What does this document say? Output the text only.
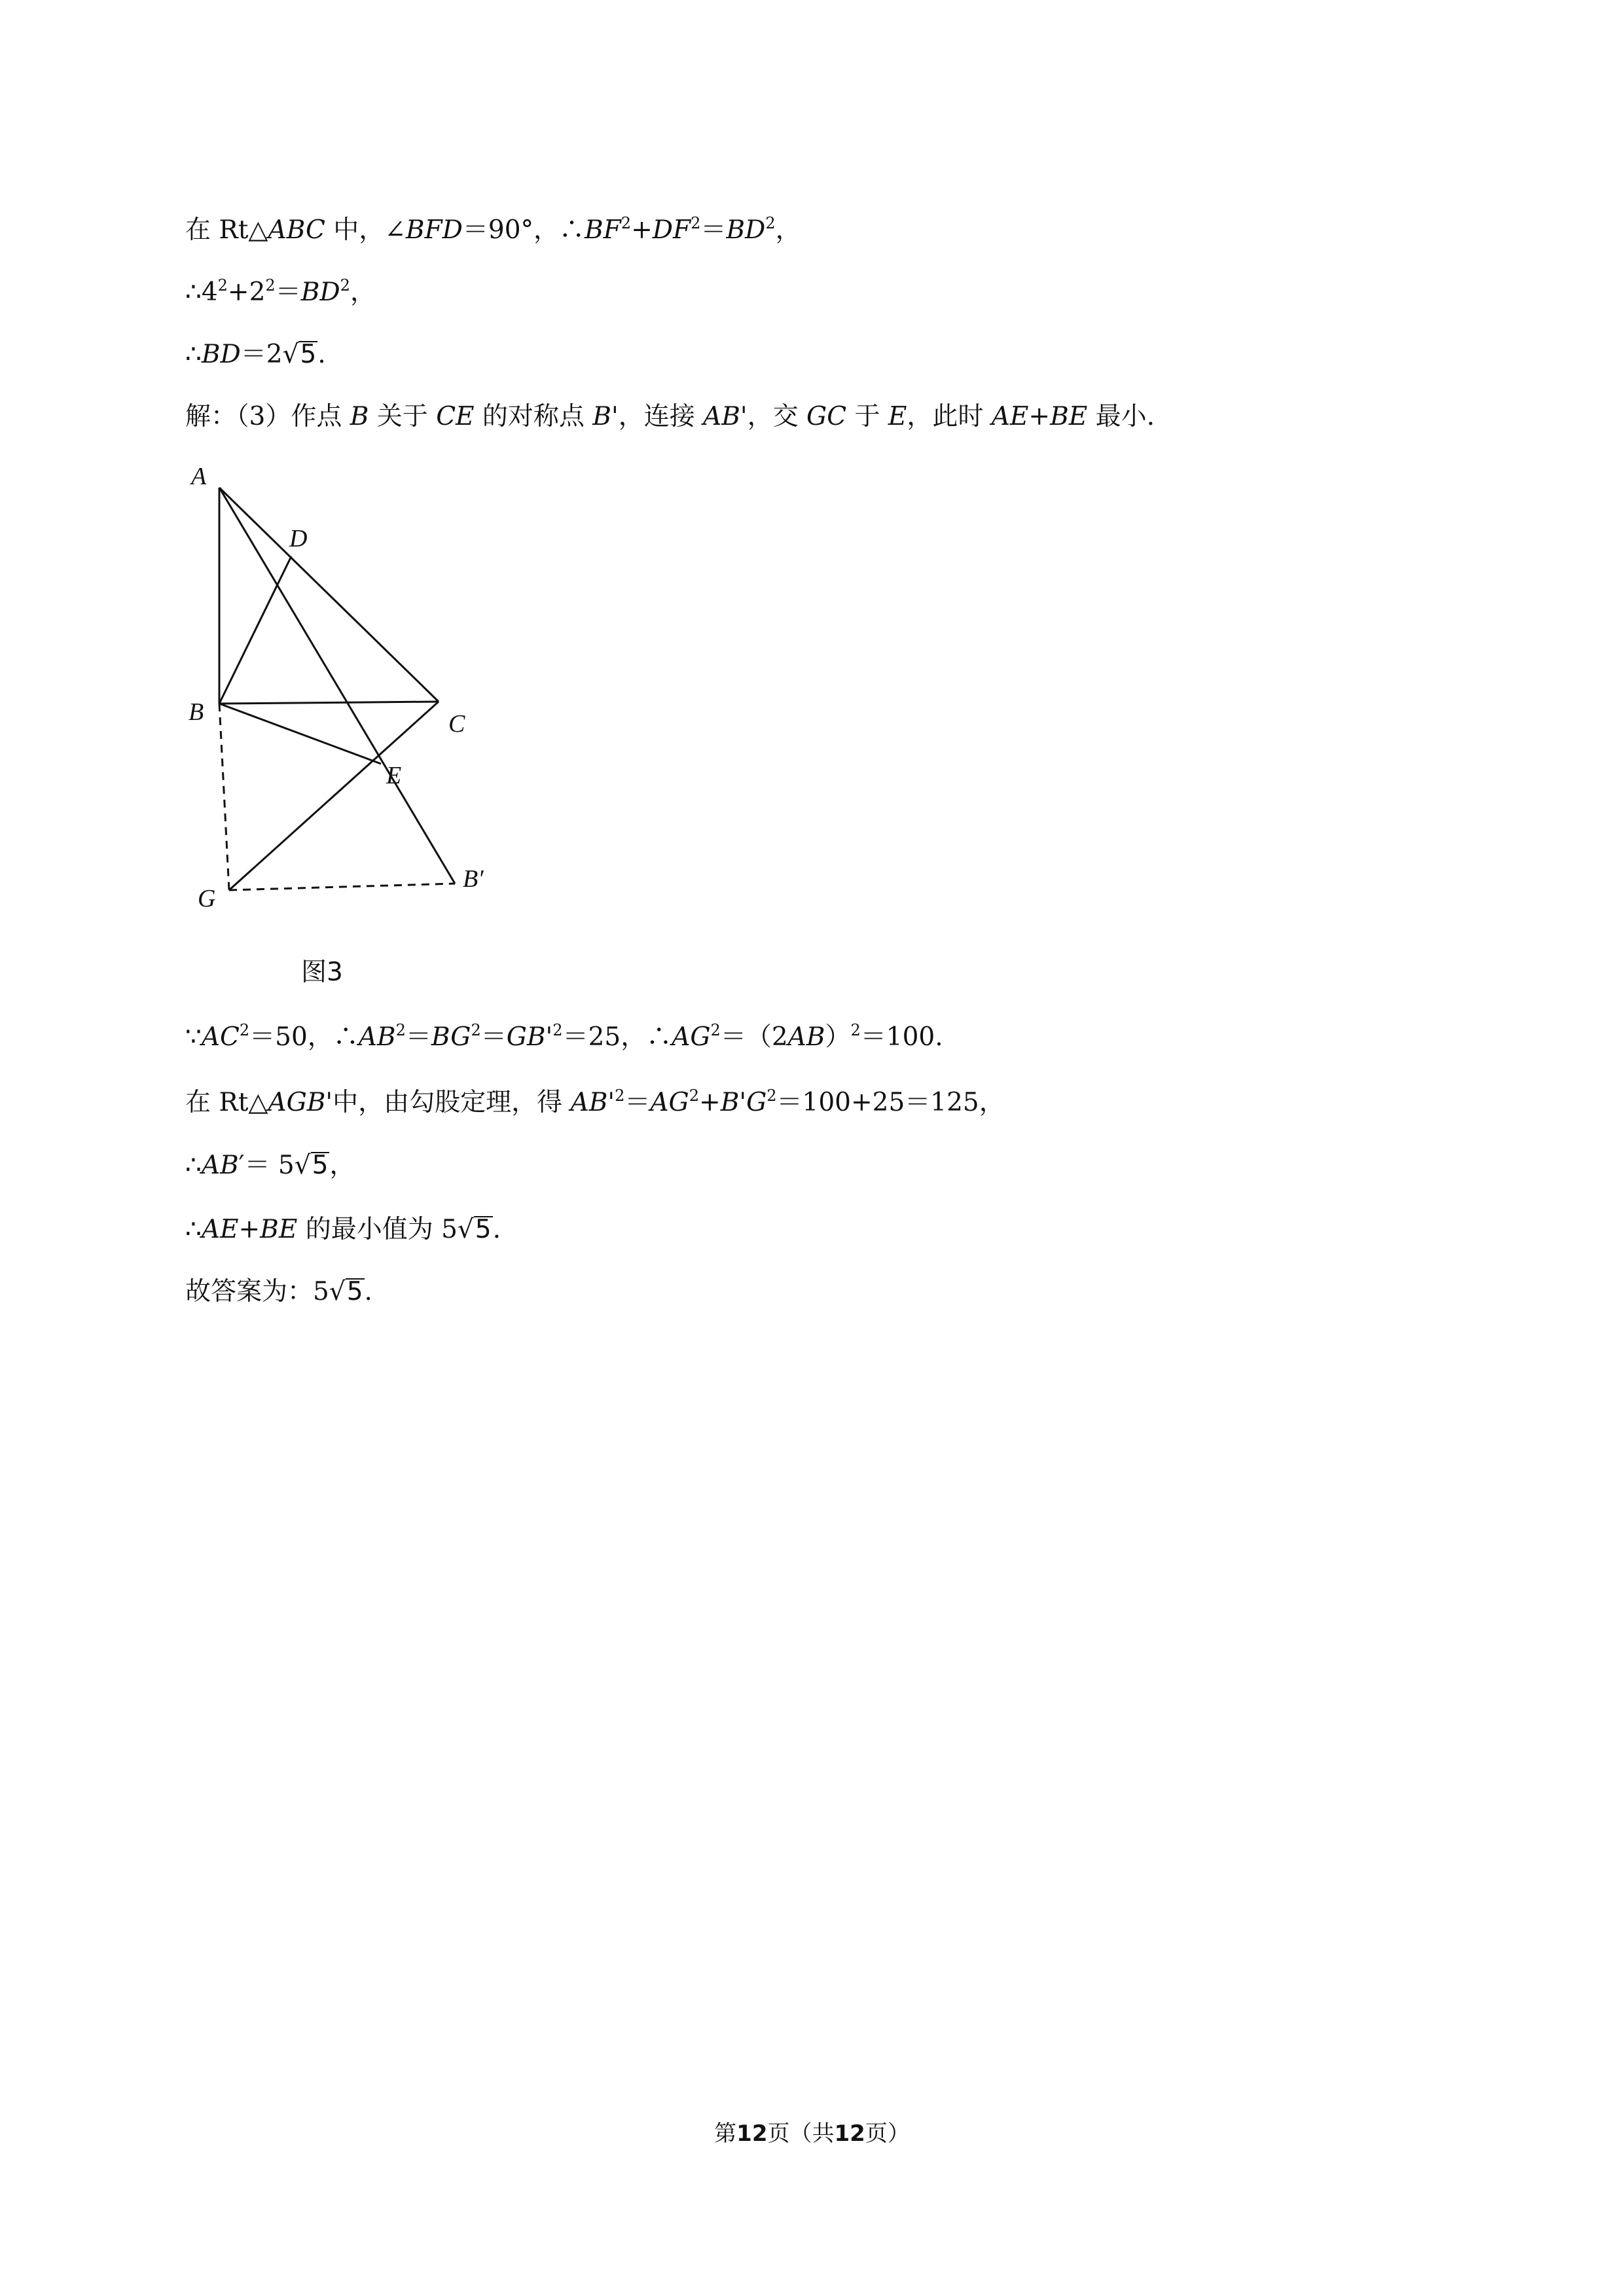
在 Rt△ABC 中，∠BFD＝90°，$\therefore BF^2+DF^2=BD^2$，
$\therefore 4^2+2^2=BD^2$，
∴BD＝2√5.
解：（3）作点 B 关于 CE 的对称点 B'，连接 AB'，交 GC 于 E，此时 AE+BE 最小.
A
D
B	C
E
G
B′
图3
$\because AC^2=50$，$\therefore AB^2=BG^2=GB'^2=25$，$\therefore AG^2=(2AB)^2=100$.
在 Rt△AGB'中，由勾股定理，得 $AB'^2=AG^2+B'G^2=100+25=125$，
∴AB′＝ 5√5，
∴AE+BE 的最小值为 5√5.
故答案为：5√5.
第12页（共12页）
